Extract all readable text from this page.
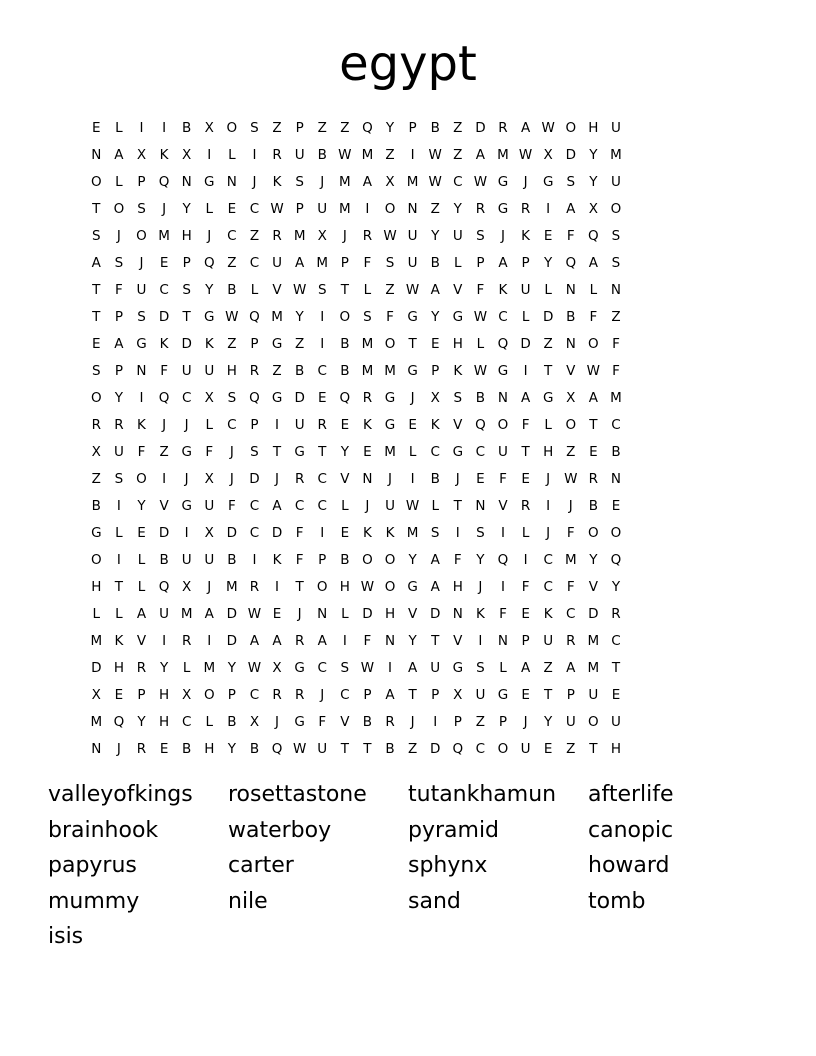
egypt
E	L	I	I	B X O S	Z	P	Z Z Q Y	P	B Z D R A W O H U
N A X	K	X	I	L	I	R U B W M Z	I	W Z A M W X D Y M
O	L	P Q N G N	J	K	S	J	M A X M W C W G	J	G S	Y	U
T O S	J	Y	L	E	C W P	U M	I	O N Z	Y	R G R	I	A X O
S	J	O M H	J	C Z R M X	J	R W U	Y	U S	J	K	E	F Q S
A	S	J	E	P Q Z C U A M P	F	S U B	L	P	A	P	Y Q A	S
T	F	U C	S	Y	B	L	V W S	T	L	Z W A V	F	K U	L	N	L	N
T	P	S D T G W Q M Y	I	O S	F G Y G W C	L	D B	F	Z
E	A G K D K	Z	P G Z	I	B M O T	E H	L	Q D Z N O F
S	P N	F	U U H R Z B C B M M G P	K W G	I	T	V W F
O Y	I	Q C X	S Q G D E Q R G	J	X	S	B N A G X A M
R R K	J	J	L	C	P	I	U R	E	K G E	K	V Q O F	L	O T	C
X U	F	Z G F	J	S	T G T	Y	E M L	C G C U	T H Z	E	B
Z	S O	I	J	X	J	D	J	R C V N	J	I	B	J	E	F	E	J	W R N
B	I	Y	V G U	F	C A C C	L	J	U W L	T N V R	I	J	B	E
G	L	E D	I	X D C D	F	I	E	K	K M S	I	S	I	L	J	F O O
O	I	L	B U U B	I	K	F	P	B O O Y	A	F	Y Q	I	C M Y Q
H T	L	Q X	J	M R	I	T O H W O G A H	J	I	F	C	F	V	Y
L	L	A U M A D W E	J	N	L	D H V D N K	F	E	K C D R
M K	V	I	R	I	D A A R A	I	F	N Y	T	V	I	N P	U R M C
D H R	Y	L M Y W X G C	S W	I	A U G S	L	A Z A M T
X	E	P H X O P	C R R	J	C	P	A	T	P	X U G E	T	P	U E
M Q Y H C	L	B X	J	G F	V B R	J	I	P	Z	P	J	Y	U O U
N	J	R	E	B H Y	B Q W U	T	T	B Z D Q C O U E	Z	T H
valleyofkings	rosettastone	tutankhamun	afterlife
brainhook	waterboy	pyramid	canopic
papyrus	carter	sphynx	howard
mummy	nile	sand	tomb
isis
